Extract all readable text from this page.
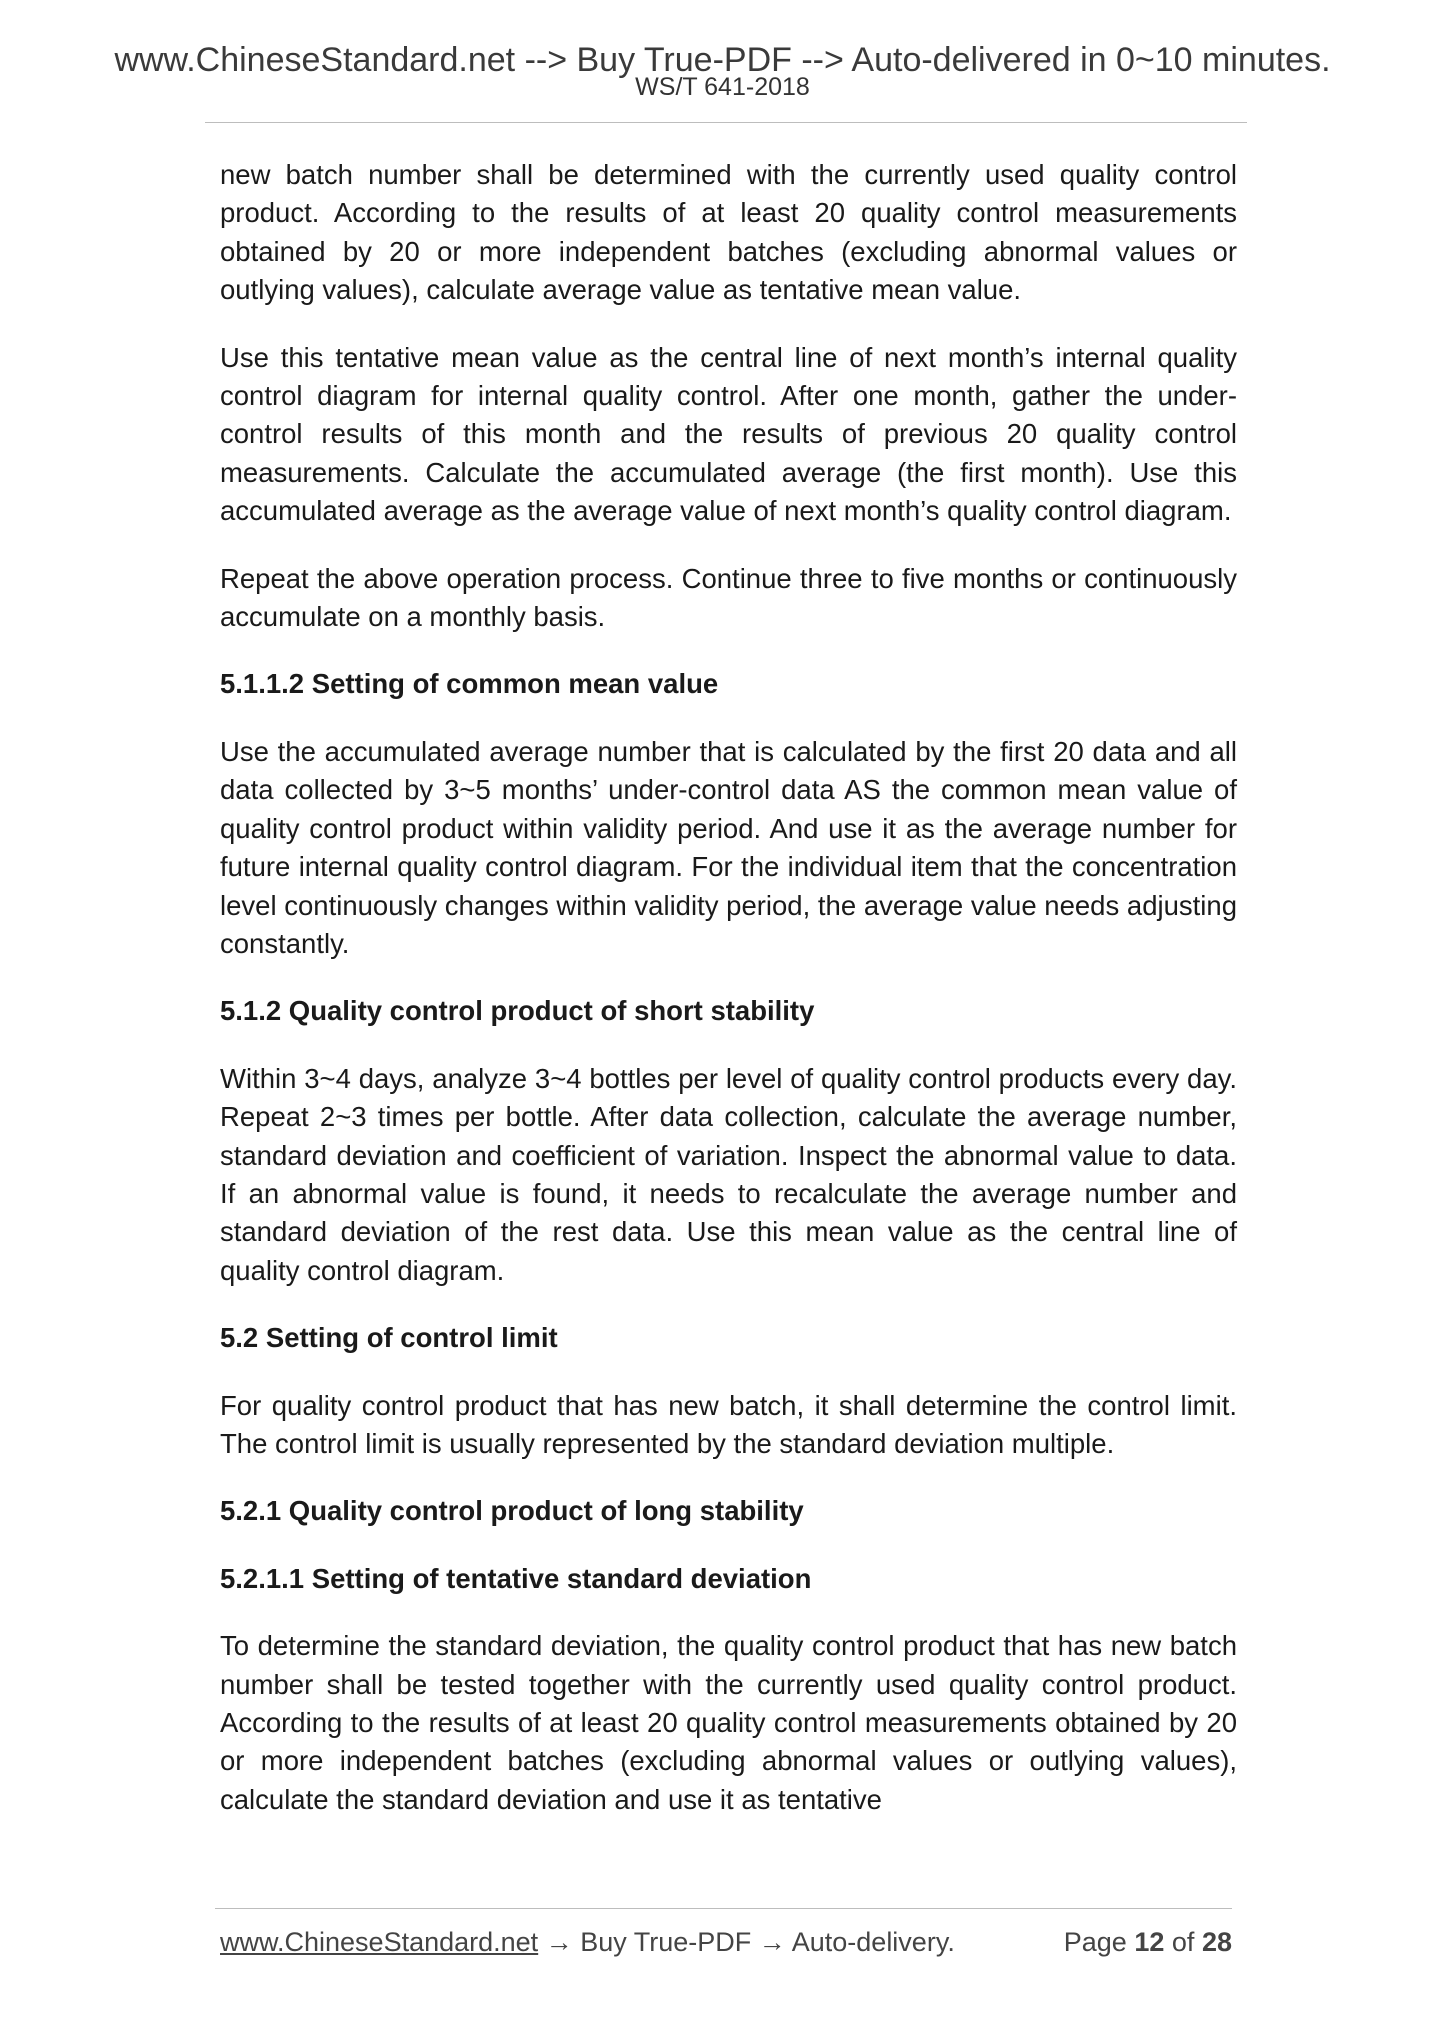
www.ChineseStandard.net --> Buy True-PDF --> Auto-delivered in 0~10 minutes.
WS/T 641-2018

new batch number shall be determined with the currently used quality control product. According to the results of at least 20 quality control measurements obtained by 20 or more independent batches (excluding abnormal values or outlying values), calculate average value as tentative mean value.

Use this tentative mean value as the central line of next month’s internal quality control diagram for internal quality control. After one month, gather the under-control results of this month and the results of previous 20 quality control measurements. Calculate the accumulated average (the first month). Use this accumulated average as the average value of next month’s quality control diagram.

Repeat the above operation process. Continue three to five months or continuously accumulate on a monthly basis.

5.1.1.2 Setting of common mean value

Use the accumulated average number that is calculated by the first 20 data and all data collected by 3~5 months’ under-control data AS the common mean value of quality control product within validity period. And use it as the average number for future internal quality control diagram. For the individual item that the concentration level continuously changes within validity period, the average value needs adjusting constantly.

5.1.2 Quality control product of short stability

Within 3~4 days, analyze 3~4 bottles per level of quality control products every day. Repeat 2~3 times per bottle. After data collection, calculate the average number, standard deviation and coefficient of variation. Inspect the abnormal value to data. If an abnormal value is found, it needs to recalculate the average number and standard deviation of the rest data. Use this mean value as the central line of quality control diagram.

5.2 Setting of control limit

For quality control product that has new batch, it shall determine the control limit. The control limit is usually represented by the standard deviation multiple.

5.2.1 Quality control product of long stability
5.2.1.1 Setting of tentative standard deviation

To determine the standard deviation, the quality control product that has new batch number shall be tested together with the currently used quality control product. According to the results of at least 20 quality control measurements obtained by 20 or more independent batches (excluding abnormal values or outlying values), calculate the standard deviation and use it as tentative

www.ChineseStandard.net → Buy True-PDF → Auto-delivery.	Page 12 of 28
